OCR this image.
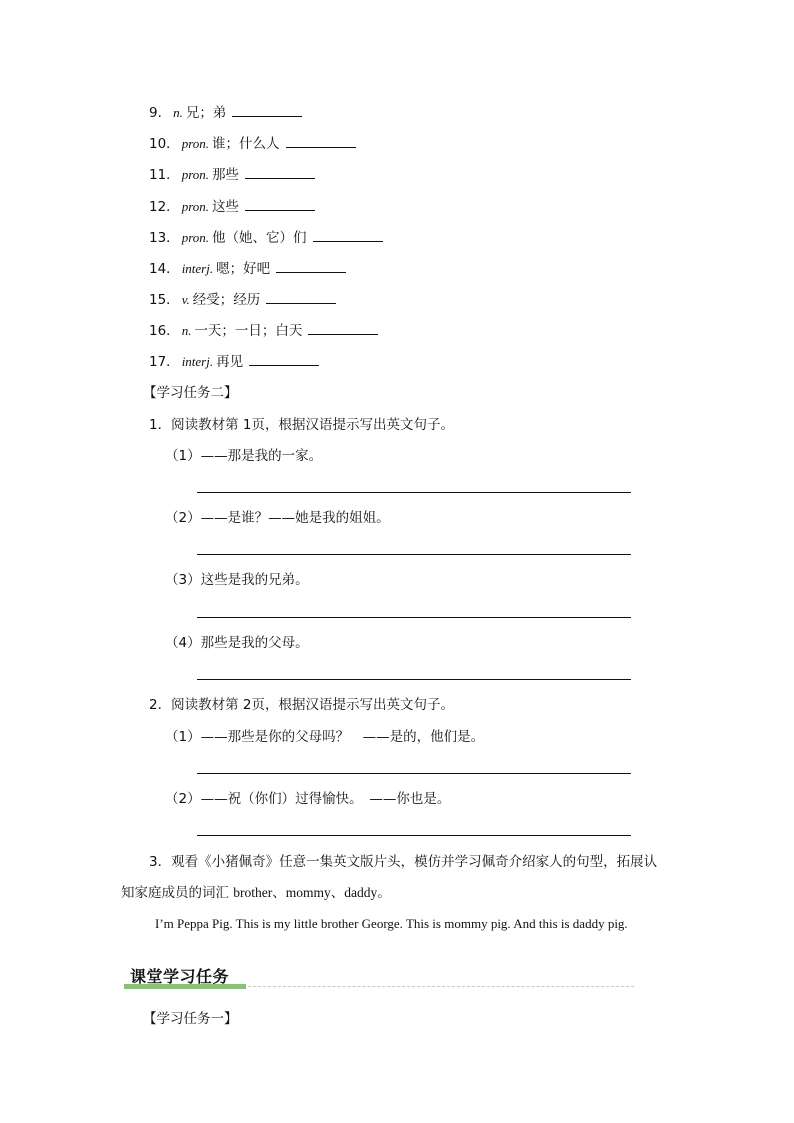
9． n. 兄；弟
10． pron. 谁；什么人
11． pron. 那些
12． pron. 这些
13． pron. 他（她、它）们
14． interj. 嗯；好吧
15． v. 经受；经历
16． n. 一天；一日；白天
17． interj. 再见
【学习任务二】
1．阅读教材第 1页，根据汉语提示写出英文句子。
（1）——那是我的一家。
（2）——是谁？——她是我的姐姐。
（3）这些是我的兄弟。
（4）那些是我的父母。
2．阅读教材第 2页，根据汉语提示写出英文句子。
（1）——那些是你的父母吗？　——是的，他们是。
（2）——祝（你们）过得愉快。　——你也是。
3．观看《小猪佩奇》任意一集英文版片头，模仿并学习佩奇介绍家人的句型，拓展认
知家庭成员的词汇 brother、mommy、daddy。
I’m Peppa Pig. This is my little brother George. This is mommy pig. And this is daddy pig.
课堂学习任务
【学习任务一】
